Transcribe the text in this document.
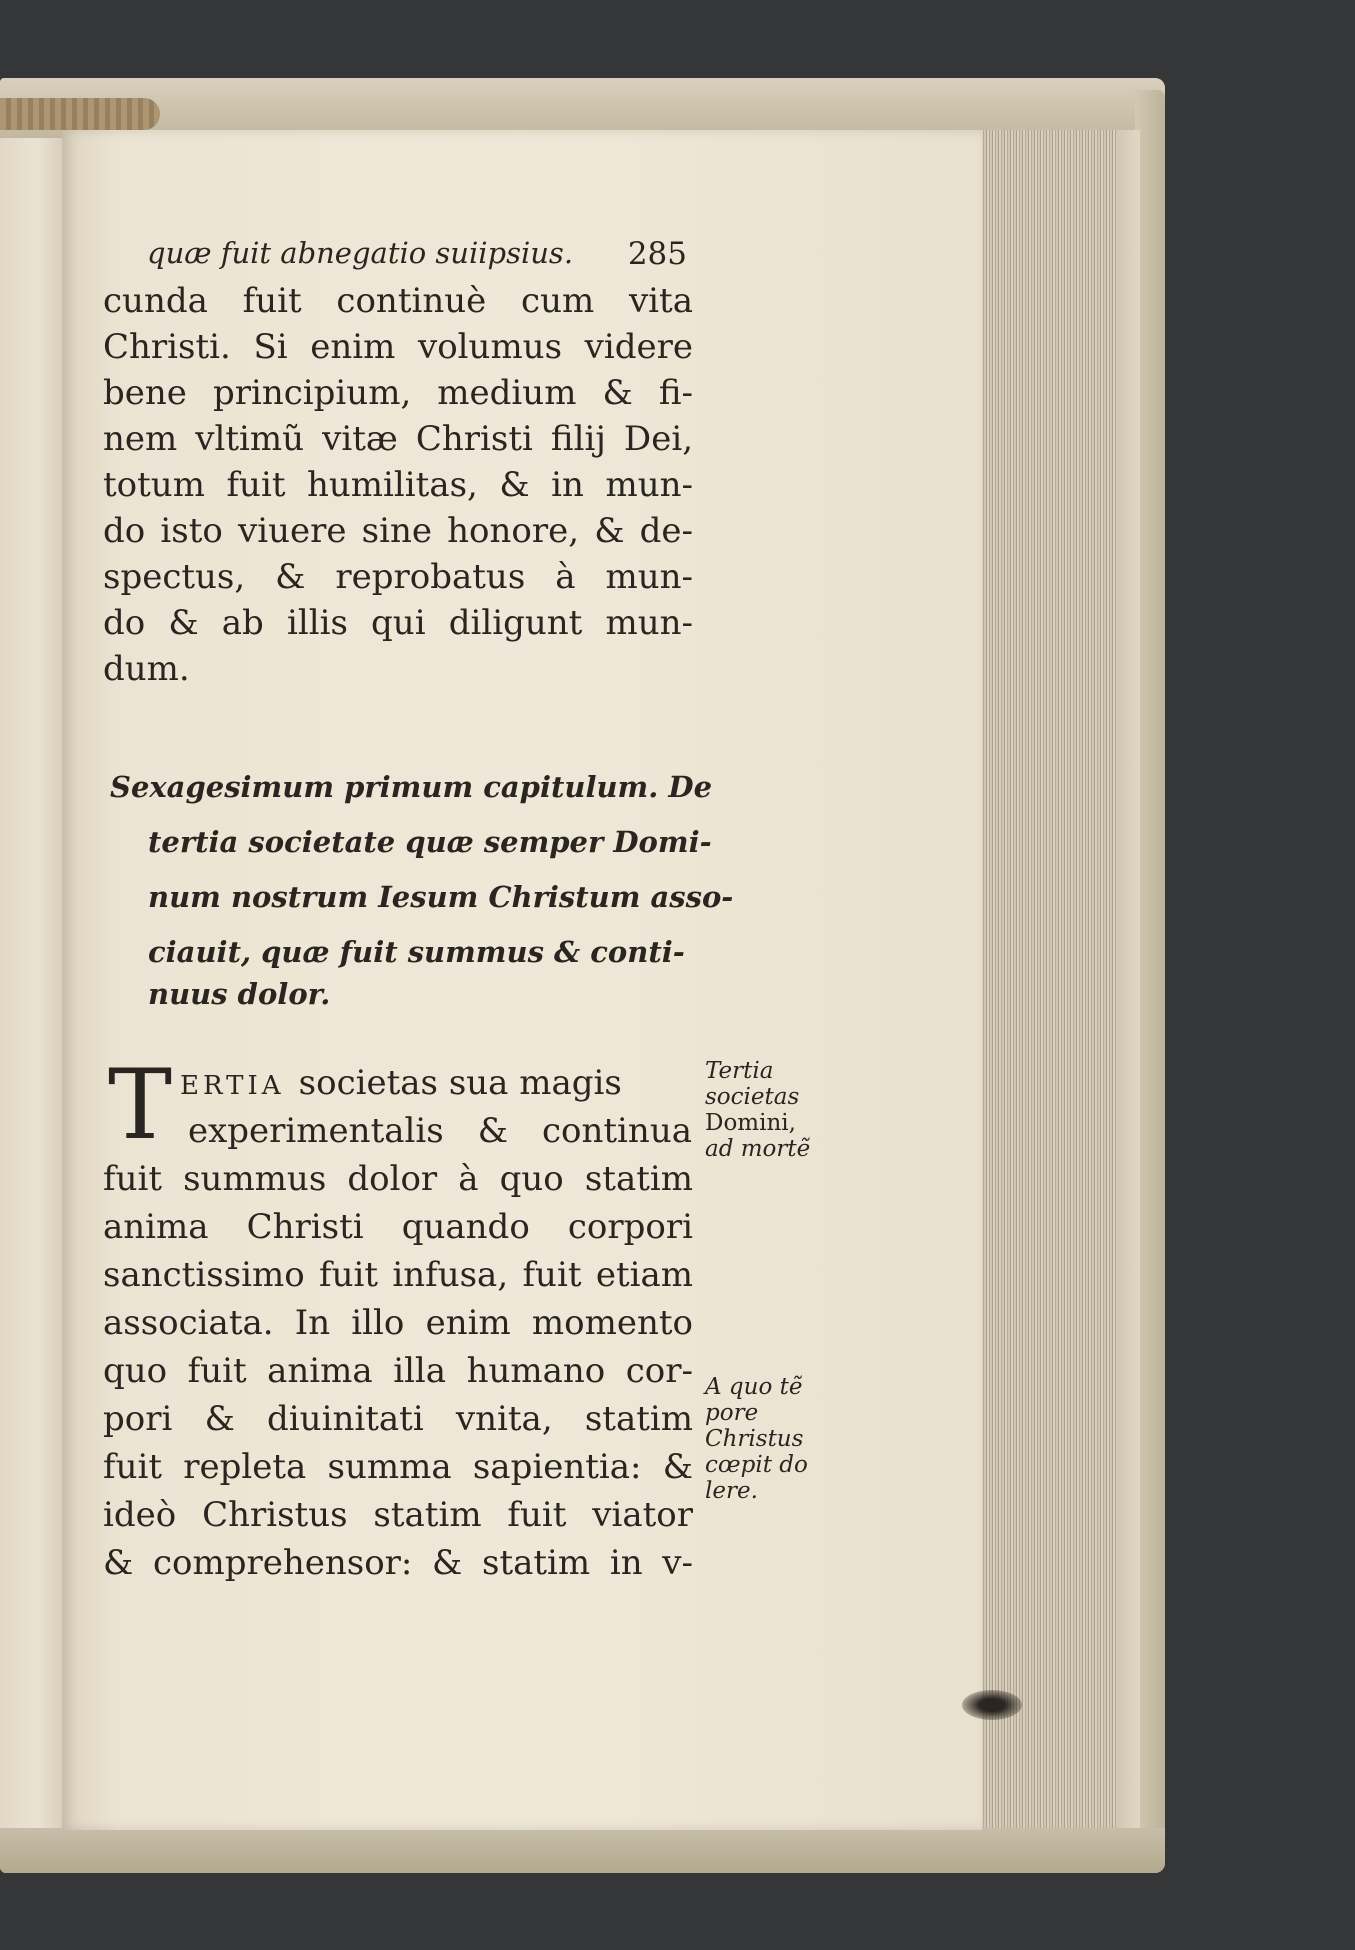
quæ fuit abnegatio suiipsius. 285
cunda fuit continuè cum vita
Christi. Si enim volumus videre
bene principium, medium & fi-
nem vltimũ vitæ Christi filij Dei,
totum fuit humilitas, & in mun-
do isto viuere sine honore, & de-
spectus, & reprobatus à mun-
do & ab illis qui diligunt mun-
dum.
Sexagesimum primum capitulum. De
tertia societate quæ semper Domi-
num nostrum Iesum Christum asso-
ciauit, quæ fuit summus & conti-
nuus dolor.
T ERTIA societas sua magis
experimentalis & continua
fuit summus dolor à quo statim
anima Christi quando corpori
sanctissimo fuit infusa, fuit etiam
associata. In illo enim momento
quo fuit anima illa humano cor-
pori & diuinitati vnita, statim
fuit repleta summa sapientia: &
ideò Christus statim fuit viator
& comprehensor: & statim in v-
Tertia
societas
Domini,
ad mortẽ
A quo tẽ
pore
Christus
cœpit do
lere.
